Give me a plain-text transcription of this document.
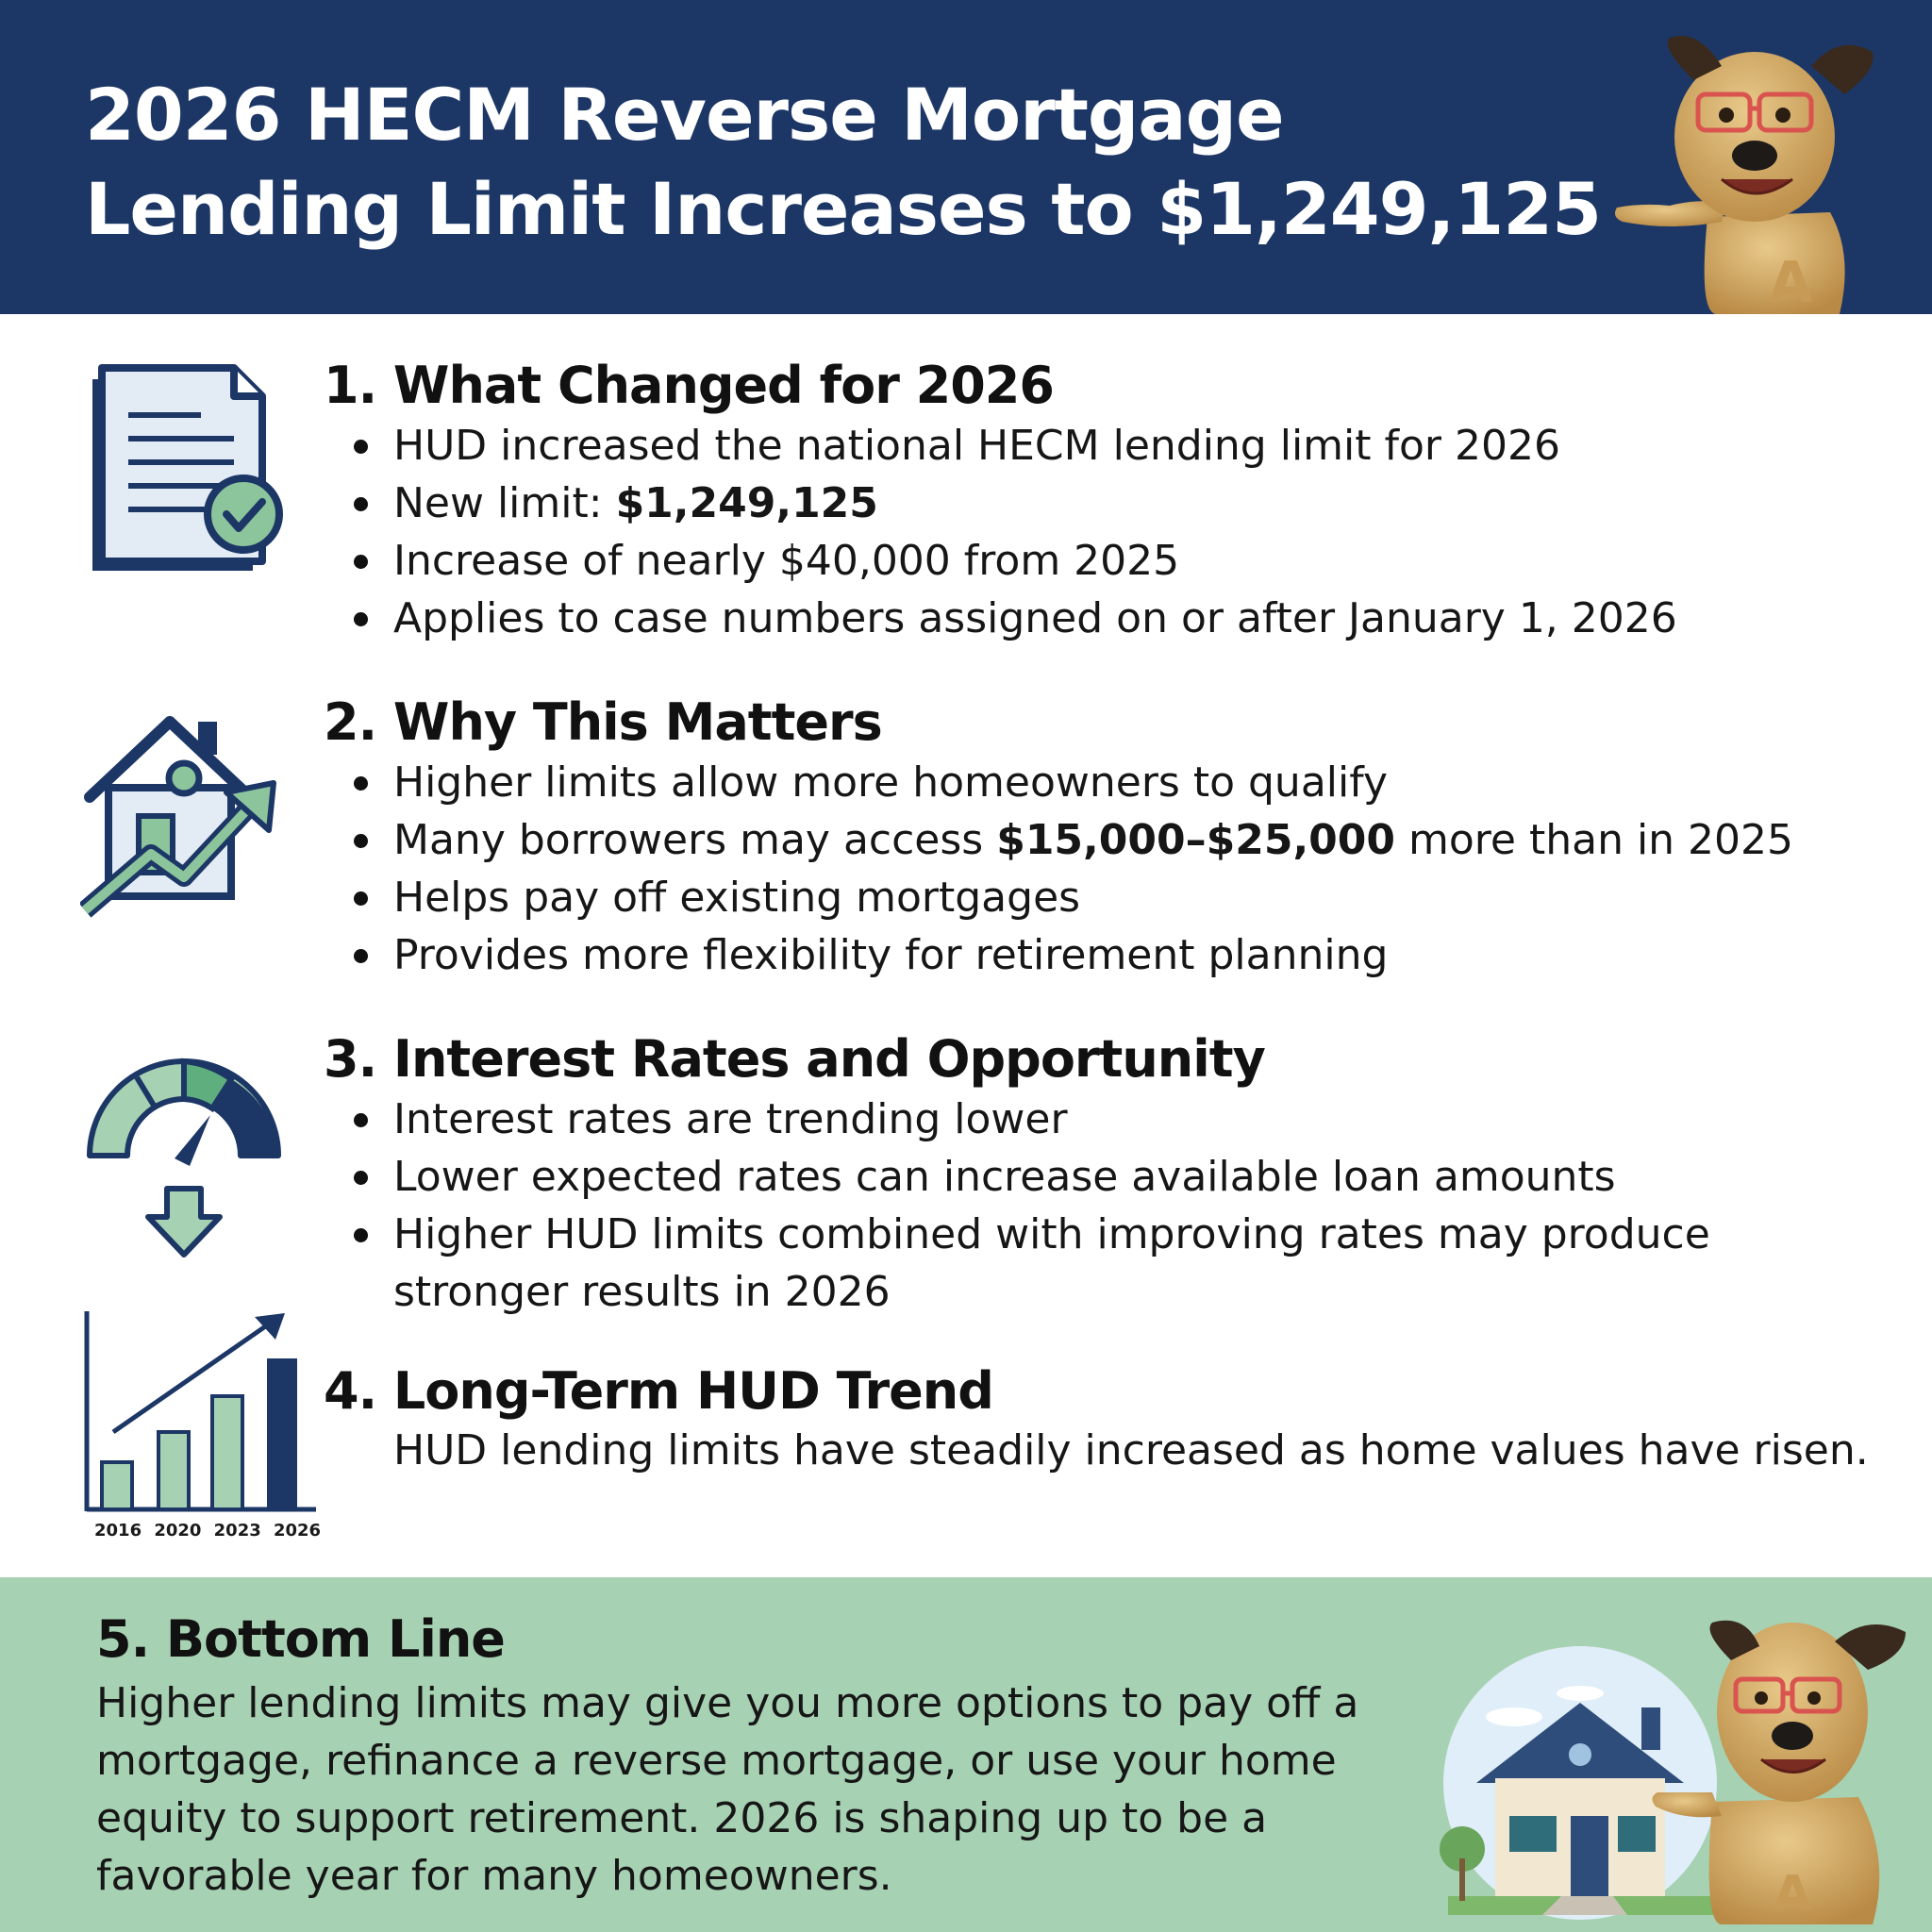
2026 HECM Reverse Mortgage
Lending Limit Increases to $1,249,125
A
1. What Changed for 2026
HUD increased the national HECM lending limit for 2026
New limit: $1,249,125
Increase of nearly $40,000 from 2025
Applies to case numbers assigned on or after January 1, 2026
2. Why This Matters
Higher limits allow more homeowners to qualify
Many borrowers may access $15,000–$25,000 more than in 2025
Helps pay off existing mortgages
Provides more flexibility for retirement planning
3. Interest Rates and Opportunity
Interest rates are trending lower
Lower expected rates can increase available loan amounts
Higher HUD limits combined with improving rates may produce stronger results in 2026
2016 2020 2023 2026
4. Long-Term HUD Trend

HUD lending limits have steadily increased as home values have risen.

5. Bottom Line

Higher lending limits may give you more options to pay off a mortgage, refinance a reverse mortgage, or use your home equity to support retirement. 2026 is shaping up to be a favorable year for many homeowners.	A
